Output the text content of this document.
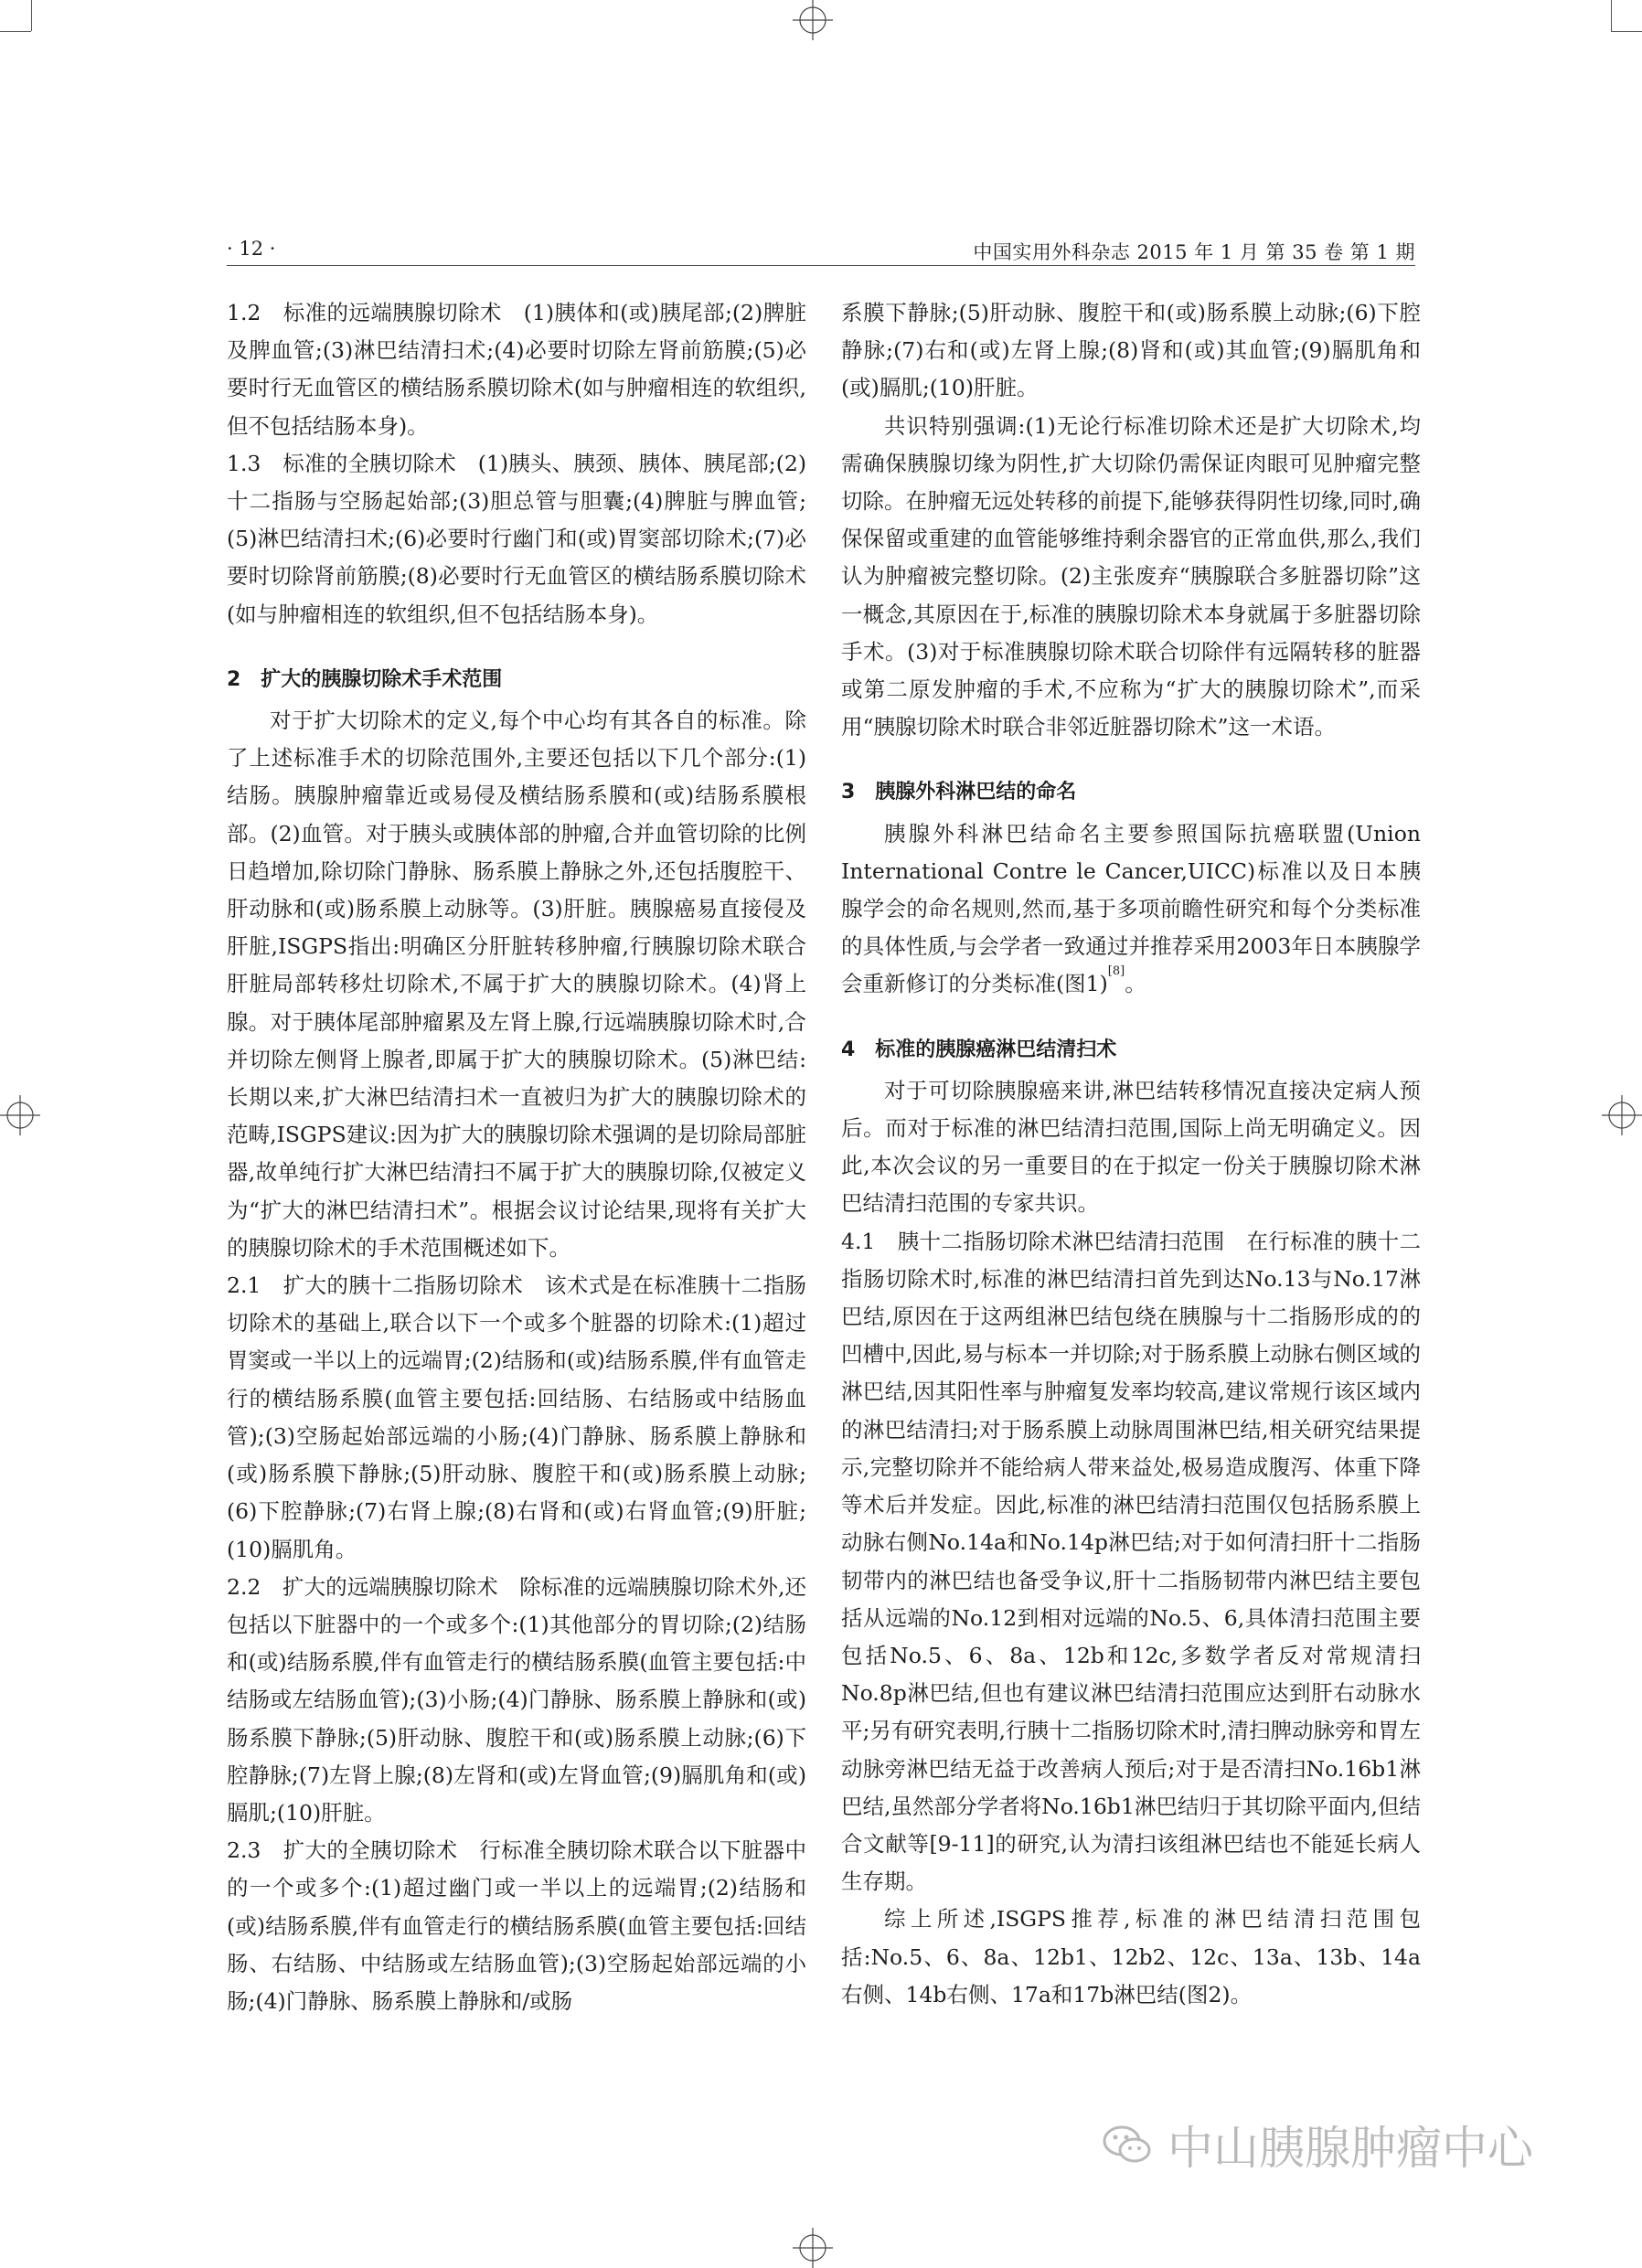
· 12 ·	中国实用外科杂志 2015 年 1 月 第 35 卷 第 1 期

1.2　标准的远端胰腺切除术　(1)胰体和(或)胰尾部;(2)脾脏及脾血管;(3)淋巴结清扫术;(4)必要时切除左肾前筋膜;(5)必要时行无血管区的横结肠系膜切除术(如与肿瘤相连的软组织,但不包括结肠本身)。

1.3　标准的全胰切除术　(1)胰头、胰颈、胰体、胰尾部;(2)十二指肠与空肠起始部;(3)胆总管与胆囊;(4)脾脏与脾血管;(5)淋巴结清扫术;(6)必要时行幽门和(或)胃窦部切除术;(7)必要时切除肾前筋膜;(8)必要时行无血管区的横结肠系膜切除术(如与肿瘤相连的软组织,但不包括结肠本身)。

2　扩大的胰腺切除术手术范围

对于扩大切除术的定义,每个中心均有其各自的标准。除了上述标准手术的切除范围外,主要还包括以下几个部分:(1)结肠。胰腺肿瘤靠近或易侵及横结肠系膜和(或)结肠系膜根部。(2)血管。对于胰头或胰体部的肿瘤,合并血管切除的比例日趋增加,除切除门静脉、肠系膜上静脉之外,还包括腹腔干、肝动脉和(或)肠系膜上动脉等。(3)肝脏。胰腺癌易直接侵及肝脏,ISGPS指出:明确区分肝脏转移肿瘤,行胰腺切除术联合肝脏局部转移灶切除术,不属于扩大的胰腺切除术。(4)肾上腺。对于胰体尾部肿瘤累及左肾上腺,行远端胰腺切除术时,合并切除左侧肾上腺者,即属于扩大的胰腺切除术。(5)淋巴结:长期以来,扩大淋巴结清扫术一直被归为扩大的胰腺切除术的范畴,ISGPS建议:因为扩大的胰腺切除术强调的是切除局部脏器,故单纯行扩大淋巴结清扫不属于扩大的胰腺切除,仅被定义为“扩大的淋巴结清扫术”。根据会议讨论结果,现将有关扩大的胰腺切除术的手术范围概述如下。

2.1　扩大的胰十二指肠切除术　该术式是在标准胰十二指肠切除术的基础上,联合以下一个或多个脏器的切除术:(1)超过胃窦或一半以上的远端胃;(2)结肠和(或)结肠系膜,伴有血管走行的横结肠系膜(血管主要包括:回结肠、右结肠或中结肠血管);(3)空肠起始部远端的小肠;(4)门静脉、肠系膜上静脉和(或)肠系膜下静脉;(5)肝动脉、腹腔干和(或)肠系膜上动脉;(6)下腔静脉;(7)右肾上腺;(8)右肾和(或)右肾血管;(9)肝脏;(10)膈肌角。

2.2　扩大的远端胰腺切除术　除标准的远端胰腺切除术外,还包括以下脏器中的一个或多个:(1)其他部分的胃切除;(2)结肠和(或)结肠系膜,伴有血管走行的横结肠系膜(血管主要包括:中结肠或左结肠血管);(3)小肠;(4)门静脉、肠系膜上静脉和(或)肠系膜下静脉;(5)肝动脉、腹腔干和(或)肠系膜上动脉;(6)下腔静脉;(7)左肾上腺;(8)左肾和(或)左肾血管;(9)膈肌角和(或)膈肌;(10)肝脏。

2.3　扩大的全胰切除术　行标准全胰切除术联合以下脏器中的一个或多个:(1)超过幽门或一半以上的远端胃;(2)结肠和(或)结肠系膜,伴有血管走行的横结肠系膜(血管主要包括:回结肠、右结肠、中结肠或左结肠血管);(3)空肠起始部远端的小肠;(4)门静脉、肠系膜上静脉和/或肠

系膜下静脉;(5)肝动脉、腹腔干和(或)肠系膜上动脉;(6)下腔静脉;(7)右和(或)左肾上腺;(8)肾和(或)其血管;(9)膈肌角和(或)膈肌;(10)肝脏。

共识特别强调:(1)无论行标准切除术还是扩大切除术,均需确保胰腺切缘为阴性,扩大切除仍需保证肉眼可见肿瘤完整切除。在肿瘤无远处转移的前提下,能够获得阴性切缘,同时,确保保留或重建的血管能够维持剩余器官的正常血供,那么,我们认为肿瘤被完整切除。(2)主张废弃“胰腺联合多脏器切除”这一概念,其原因在于,标准的胰腺切除术本身就属于多脏器切除手术。(3)对于标准胰腺切除术联合切除伴有远隔转移的脏器或第二原发肿瘤的手术,不应称为“扩大的胰腺切除术”,而采用“胰腺切除术时联合非邻近脏器切除术”这一术语。

3　胰腺外科淋巴结的命名

胰腺外科淋巴结命名主要参照国际抗癌联盟(Union International Contre le Cancer,UICC)标准以及日本胰腺学会的命名规则,然而,基于多项前瞻性研究和每个分类标准的具体性质,与会学者一致通过并推荐采用2003年日本胰腺学会重新修订的分类标准(图1)[8]。

4　标准的胰腺癌淋巴结清扫术

对于可切除胰腺癌来讲,淋巴结转移情况直接决定病人预后。而对于标准的淋巴结清扫范围,国际上尚无明确定义。因此,本次会议的另一重要目的在于拟定一份关于胰腺切除术淋巴结清扫范围的专家共识。

4.1　胰十二指肠切除术淋巴结清扫范围　在行标准的胰十二指肠切除术时,标准的淋巴结清扫首先到达No.13与No.17淋巴结,原因在于这两组淋巴结包绕在胰腺与十二指肠形成的的凹槽中,因此,易与标本一并切除;对于肠系膜上动脉右侧区域的淋巴结,因其阳性率与肿瘤复发率均较高,建议常规行该区域内的淋巴结清扫;对于肠系膜上动脉周围淋巴结,相关研究结果提示,完整切除并不能给病人带来益处,极易造成腹泻、体重下降等术后并发症。因此,标准的淋巴结清扫范围仅包括肠系膜上动脉右侧No.14a和No.14p淋巴结;对于如何清扫肝十二指肠韧带内的淋巴结也备受争议,肝十二指肠韧带内淋巴结主要包括从远端的No.12到相对远端的No.5、6,具体清扫范围主要包括No.5、6、8a、12b和12c,多数学者反对常规清扫No.8p淋巴结,但也有建议淋巴结清扫范围应达到肝右动脉水平;另有研究表明,行胰十二指肠切除术时,清扫脾动脉旁和胃左动脉旁淋巴结无益于改善病人预后;对于是否清扫No.16b1淋巴结,虽然部分学者将No.16b1淋巴结归于其切除平面内,但结合文献等[9-11]的研究,认为清扫该组淋巴结也不能延长病人生存期。

综上所述,ISGPS推荐,标准的淋巴结清扫范围包括:No.5、6、8a、12b1、12b2、12c、13a、13b、14a右侧、14b右侧、17a和17b淋巴结(图2)。

中山胰腺肿瘤中心
